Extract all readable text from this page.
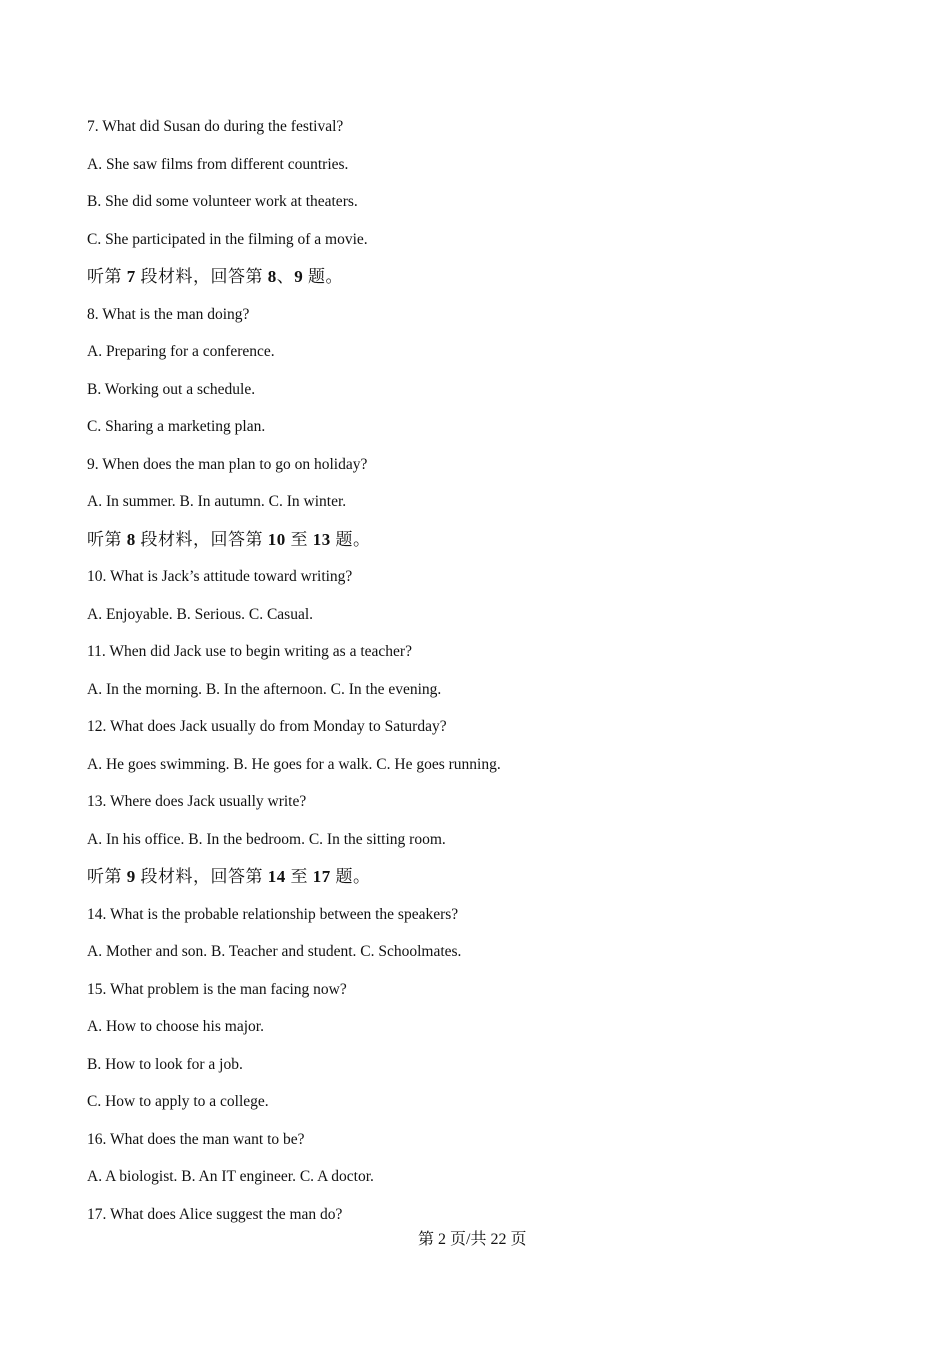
7. What did Susan do during the festival?
A. She saw films from different countries.
B. She did some volunteer work at theaters.
C. She participated in the filming of a movie.
听第 7 段材料，回答第 8、9 题。
8. What is the man doing?
A. Preparing for a conference.
B. Working out a schedule.
C. Sharing a marketing plan.
9. When does the man plan to go on holiday?
A. In summer. B. In autumn. C. In winter.
听第 8 段材料，回答第 10 至 13 题。
10. What is Jack’s attitude toward writing?
A. Enjoyable. B. Serious. C. Casual.
11. When did Jack use to begin writing as a teacher?
A. In the morning. B. In the afternoon. C. In the evening.
12. What does Jack usually do from Monday to Saturday?
A. He goes swimming. B. He goes for a walk. C. He goes running.
13. Where does Jack usually write?
A. In his office. B. In the bedroom. C. In the sitting room.
听第 9 段材料，回答第 14 至 17 题。
14. What is the probable relationship between the speakers?
A. Mother and son. B. Teacher and student. C. Schoolmates.
15. What problem is the man facing now?
A. How to choose his major.
B. How to look for a job.
C. How to apply to a college.
16. What does the man want to be?
A. A biologist. B. An IT engineer. C. A doctor.
17. What does Alice suggest the man do?
第 2 页/共 22 页
